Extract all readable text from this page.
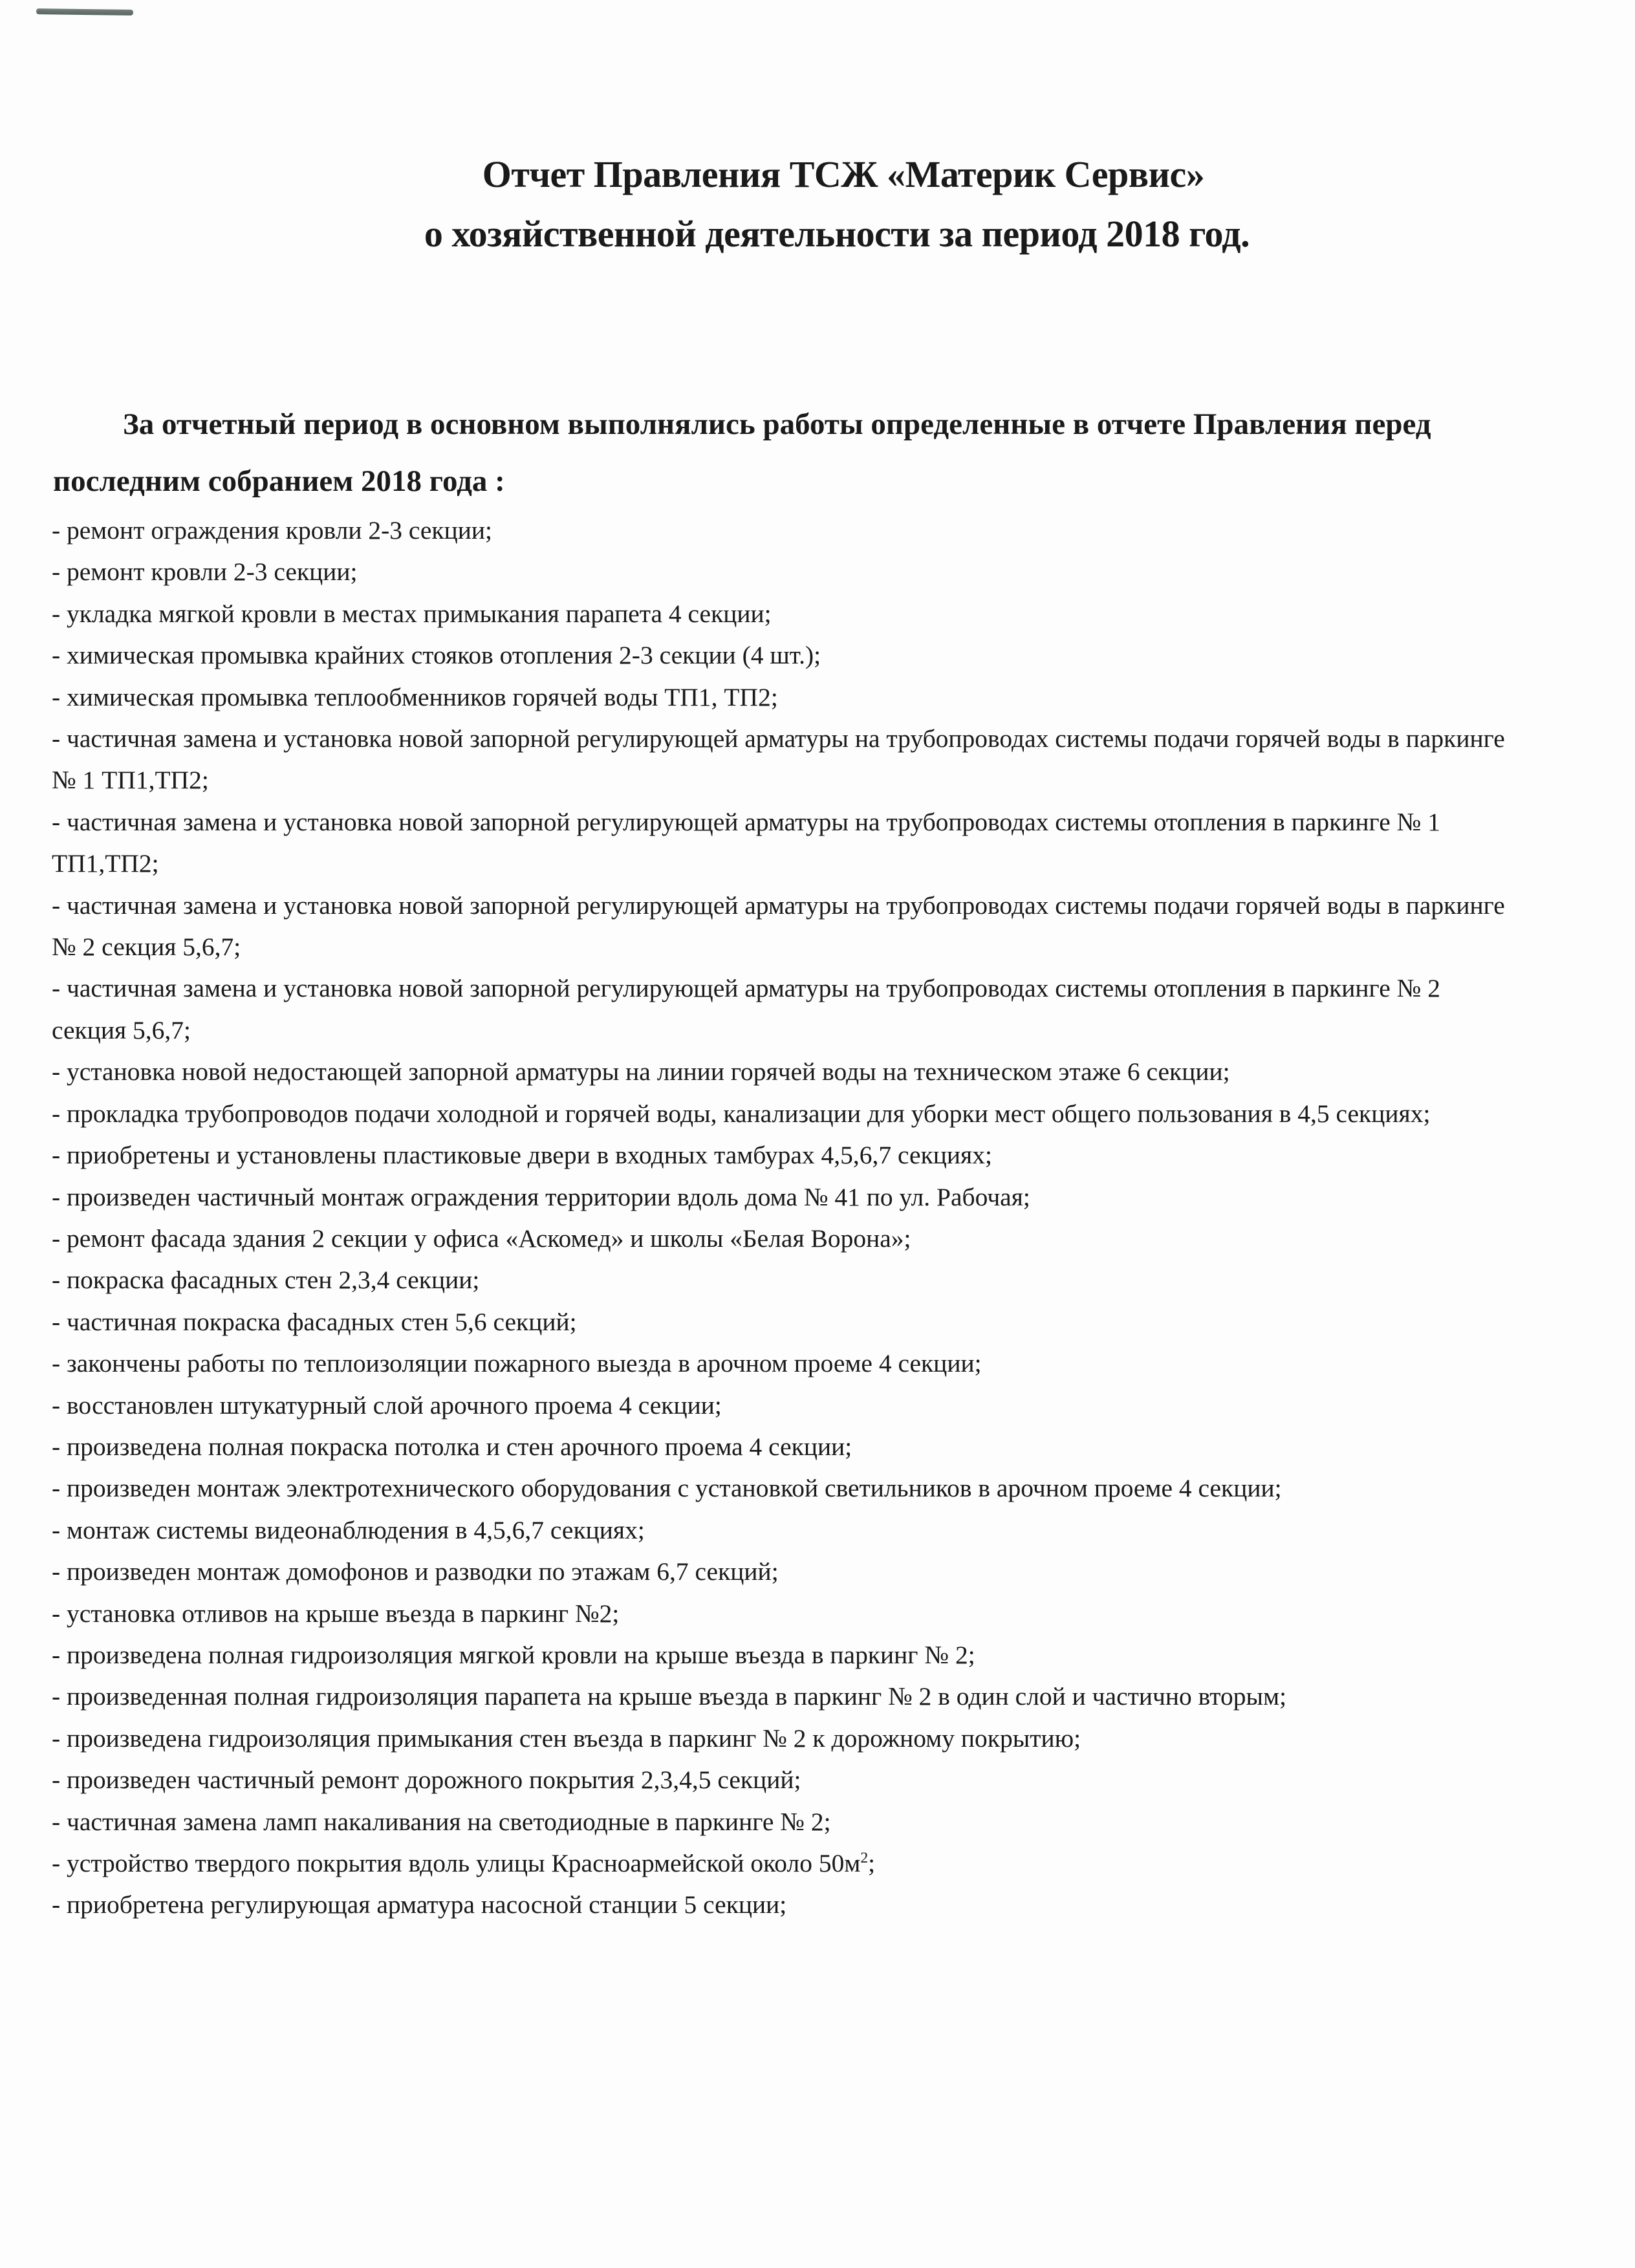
Отчет Правления ТСЖ «Материк Сервис»
о хозяйственной деятельности за период 2018 год.

За отчетный период в основном выполнялись работы определенные в отчете Правления перед последним собранием 2018 года :

- ремонт ограждения кровли 2-3 секции;
- ремонт кровли 2-3 секции;
- укладка мягкой кровли в местах примыкания парапета 4 секции;
- химическая промывка крайних стояков отопления 2-3 секции (4 шт.);
- химическая промывка теплообменников горячей воды ТП1, ТП2;
- частичная замена и установка новой запорной регулирующей арматуры на трубопроводах системы подачи горячей воды в паркинге № 1 ТП1,ТП2;
- частичная замена и установка новой запорной регулирующей арматуры на трубопроводах системы отопления в паркинге № 1 ТП1,ТП2;
- частичная замена и установка новой запорной регулирующей арматуры на трубопроводах системы подачи горячей воды в паркинге № 2 секция 5,6,7;
- частичная замена и установка новой запорной регулирующей арматуры на трубопроводах системы отопления в паркинге № 2 секция 5,6,7;
- установка новой недостающей запорной арматуры на линии горячей воды на техническом этаже 6 секции;
- прокладка трубопроводов подачи холодной и горячей воды, канализации для уборки мест общего пользования в 4,5 секциях;
- приобретены и установлены пластиковые двери в входных тамбурах 4,5,6,7 секциях;
- произведен частичный монтаж ограждения территории вдоль дома № 41 по ул. Рабочая;
- ремонт фасада здания 2 секции у офиса «Аскомед» и школы «Белая Ворона»;
- покраска фасадных стен 2,3,4 секции;
- частичная покраска фасадных стен 5,6 секций;
- закончены работы по теплоизоляции пожарного выезда в арочном проеме 4 секции;
- восстановлен штукатурный слой арочного проема 4 секции;
- произведена полная покраска потолка и стен арочного проема 4 секции;
- произведен монтаж электротехнического оборудования с установкой светильников в арочном проеме 4 секции;
- монтаж системы видеонаблюдения в 4,5,6,7 секциях;
- произведен монтаж домофонов и разводки по этажам 6,7 секций;
- установка отливов на крыше въезда в паркинг №2;
- произведена полная гидроизоляция мягкой кровли на крыше въезда в паркинг № 2;
- произведенная полная гидроизоляция парапета на крыше въезда в паркинг № 2 в один слой и частично вторым;
- произведена гидроизоляция примыкания стен въезда в паркинг № 2 к дорожному покрытию;
- произведен частичный ремонт дорожного покрытия 2,3,4,5 секций;
- частичная замена ламп накаливания на светодиодные в паркинге № 2;
- устройство твердого покрытия вдоль улицы Красноармейской около $50м^2$;
- приобретена регулирующая арматура насосной станции 5 секции;
